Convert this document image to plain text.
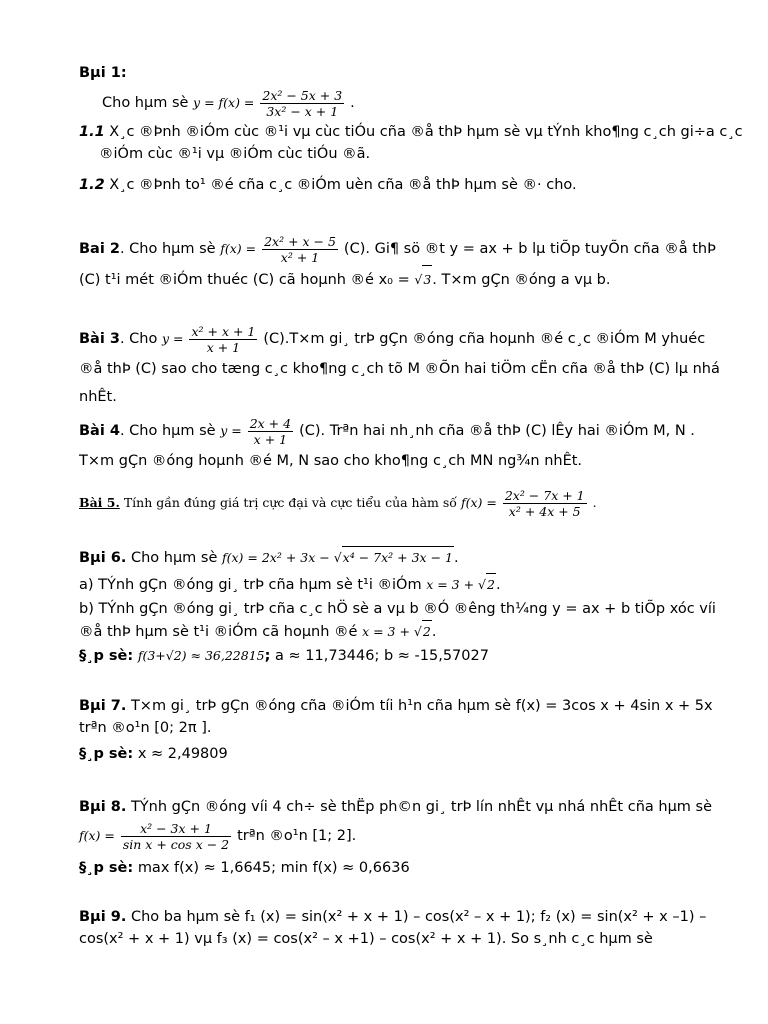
Bµi 1:
Cho hµm sè $y = f(x) = \frac{\text{2x² − 5x + 3}}{\text{3x² − x + 1}}$ .
1.1 X¸c ®Þnh ®iÓm cùc ®¹i vµ cùc tiÓu cña ®å thÞ hµm sè vµ tÝnh kho¶ng c¸ch gi÷a c¸c ®iÓm cùc ®¹i vµ ®iÓm cùc tiÓu ®ã.
1.2 X¸c ®Þnh to¹ ®é cña c¸c ®iÓm uèn cña ®å thÞ hµm sè ®· cho.
Bai 2. Cho hµm sè $f(x) = \frac{\text{2x² + x − 5}}{\text{x² + 1}} (C)$. Gi¶ sö ®t y = ax + b lµ tiÕp tuyÕn cña ®å thÞ (C) t¹i mét ®iÓm thuéc (C) cã hoµnh ®é x₀ = √3. T×m gÇn ®óng a vµ b.
Bài 3. Cho $y = \frac{\text{x² + x + 1}}{x + 1} (C).T\times m$ gi¸ trÞ gÇn ®óng cña hoµnh ®é c¸c ®iÓm M yhuéc ®å thÞ (C) sao cho tæng c¸c kho¶ng c¸ch tõ M ®Õn hai tiÖm cËn cña ®å thÞ (C) lµ nhá nhÊt.
Bài 4. Cho hµm sè $y = \frac{2x + 4}{x + 1} (C)$. Trªn hai nh¸nh cña ®å thÞ (C) lÊy hai ®iÓm M, N . T×m gÇn ®óng hoµnh ®é M, N sao cho kho¶ng c¸ch MN ng¾n nhÊt.
Bài 5. Tính gần đúng giá trị cực đại và cực tiểu của hàm số $f(x) = \frac{\text{2x² − 7x + 1}}{\text{x² + 4x + 5}}$ .
Bµi 6. Cho hµm sè f(x) = 2x² + 3x − √x⁴ − 7x² + 3x − 1.
a) TÝnh gÇn ®óng gi¸ trÞ cña hµm sè t¹i ®iÓm x = 3 + √2.
b) TÝnh gÇn ®óng gi¸ trÞ cña c¸c hÖ sè a vµ b ®Ó ®êng th¼ng y = ax + b tiÕp xóc víi ®å thÞ hµm sè t¹i ®iÓm cã hoµnh ®é x = 3 + √2.
§¸p sè: f(3+√2) ≈ 36,22815; a ≈ 11,73446; b ≈ -15,57027
Bµi 7. T×m gi¸ trÞ gÇn ®óng cña ®iÓm tíi h¹n cña hµm sè f(x) = 3cos x + 4sin x + 5x trªn ®o¹n [0; 2π ].
§¸p sè: x ≈ 2,49809
Bµi 8. TÝnh gÇn ®óng víi 4 ch÷ sè thËp ph©n gi¸ trÞ lín nhÊt vµ nhá nhÊt cña hµm sè $f(x) = \frac{\text{x² − 3x + 1}}{\text{sin x + cos x − 2}}$ trªn ®o¹n [1; 2].
§¸p sè: max f(x) ≈ 1,6645; min f(x) ≈ 0,6636
Bµi 9. Cho ba hµm sè f₁ (x) = sin(x² + x + 1) – cos(x² – x + 1); f₂ (x) = sin(x² + x –1) – cos(x² + x + 1) vµ f₃ (x) = cos(x² – x +1) – cos(x² + x + 1). So s¸nh c¸c hµm sè
